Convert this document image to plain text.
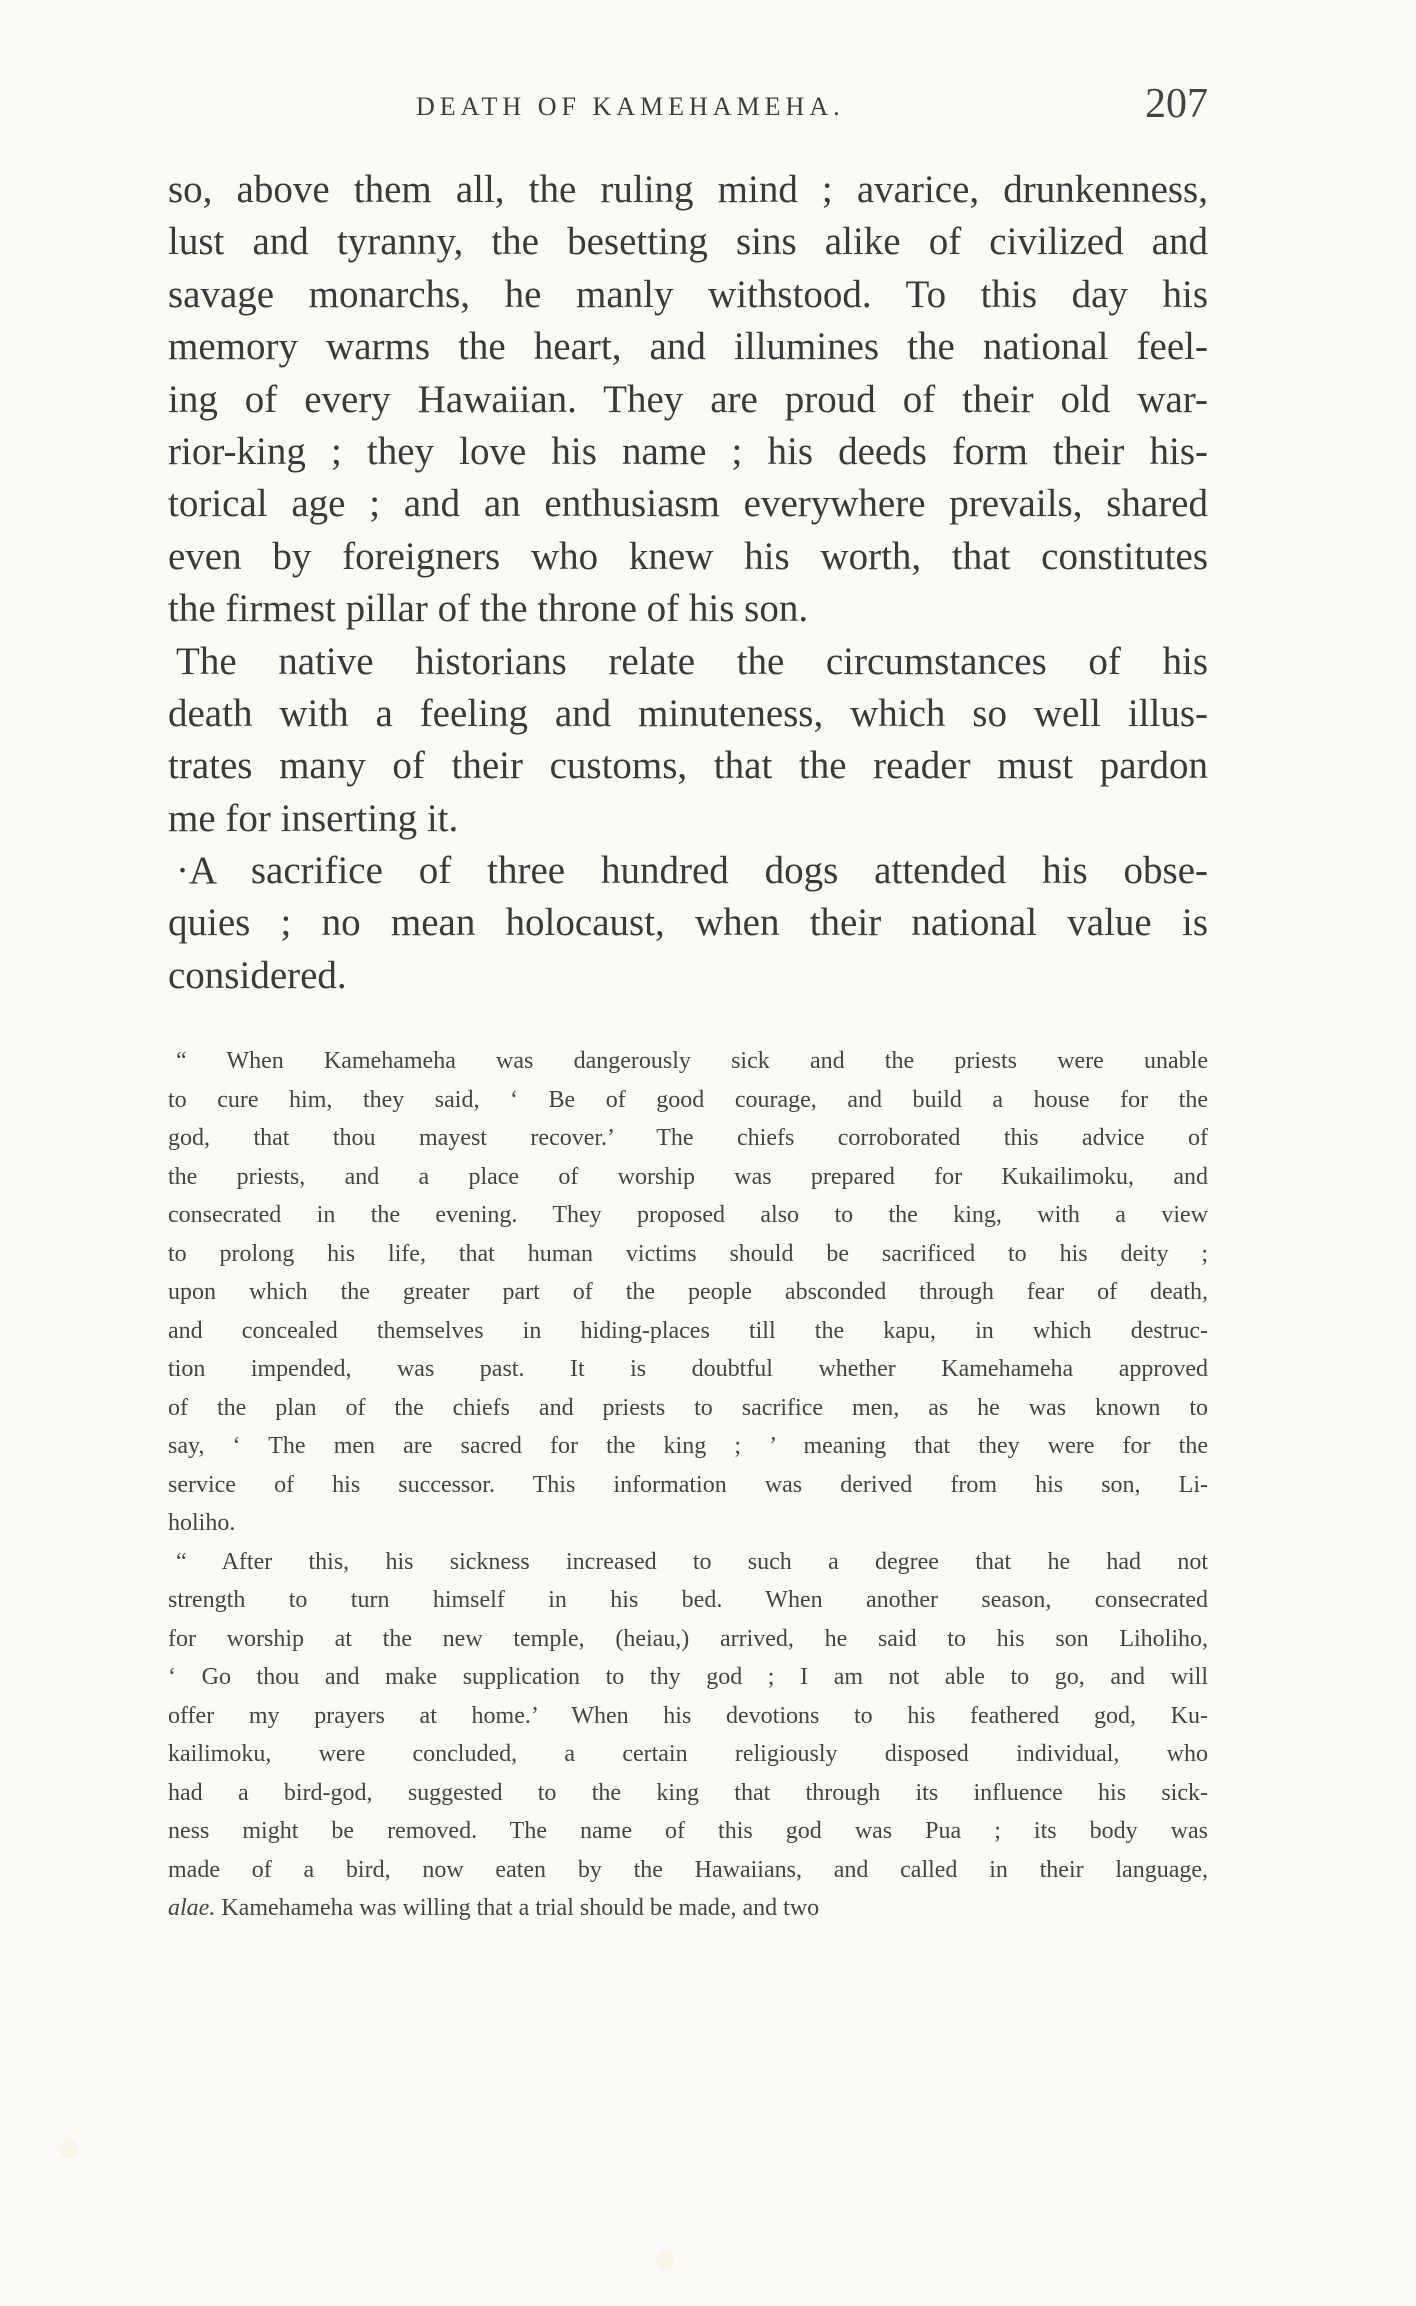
DEATH OF KAMEHAMEHA.	207
so, above them all, the ruling mind ; avarice, drunkenness,
lust and tyranny, the besetting sins alike of civilized and
savage monarchs, he manly withstood. To this day his
memory warms the heart, and illumines the national feel-
ing of every Hawaiian. They are proud of their old war-
rior-king ; they love his name ; his deeds form their his-
torical age ; and an enthusiasm everywhere prevails, shared
even by foreigners who knew his worth, that constitutes
the firmest pillar of the throne of his son.
The native historians relate the circumstances of his
death with a feeling and minuteness, which so well illus-
trates many of their customs, that the reader must pardon
me for inserting it.
·A sacrifice of three hundred dogs attended his obse-
quies ; no mean holocaust, when their national value is
considered.
“ When Kamehameha was dangerously sick and the priests were unable
to cure him, they said, ‘ Be of good courage, and build a house for the
god, that thou mayest recover.’ The chiefs corroborated this advice of
the priests, and a place of worship was prepared for Kukailimoku, and
consecrated in the evening. They proposed also to the king, with a view
to prolong his life, that human victims should be sacrificed to his deity ;
upon which the greater part of the people absconded through fear of death,
and concealed themselves in hiding-places till the kapu, in which destruc-
tion impended, was past. It is doubtful whether Kamehameha approved
of the plan of the chiefs and priests to sacrifice men, as he was known to
say, ‘ The men are sacred for the king ; ’ meaning that they were for the
service of his successor. This information was derived from his son, Li-
holiho.
“ After this, his sickness increased to such a degree that he had not
strength to turn himself in his bed. When another season, consecrated
for worship at the new temple, (heiau,) arrived, he said to his son Liholiho,
‘ Go thou and make supplication to thy god ; I am not able to go, and will
offer my prayers at home.’ When his devotions to his feathered god, Ku-
kailimoku, were concluded, a certain religiously disposed individual, who
had a bird-god, suggested to the king that through its influence his sick-
ness might be removed. The name of this god was Pua ; its body was
made of a bird, now eaten by the Hawaiians, and called in their language,
alae. Kamehameha was willing that a trial should be made, and two
